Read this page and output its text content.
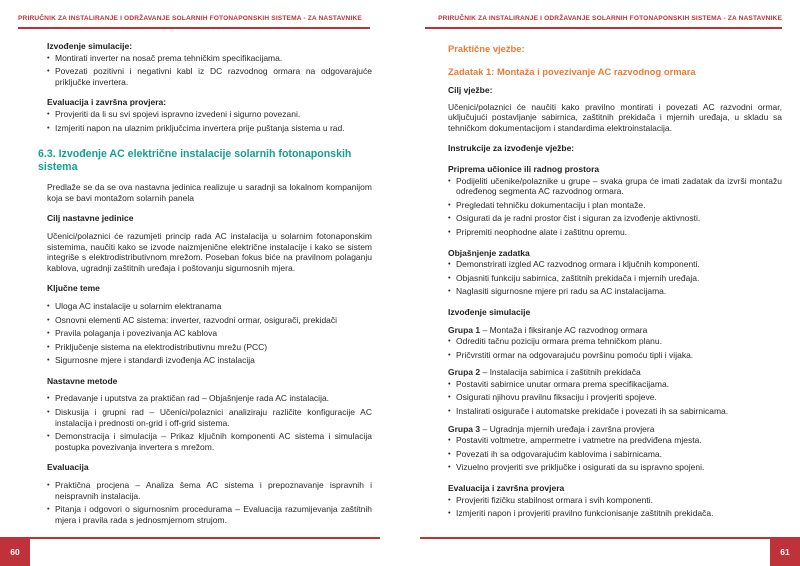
PRIRUČNIK ZA INSTALIRANJE I ODRŽAVANJE SOLARNIH FOTONAPONSKIH SISTEMA - ZA NASTAVNIKE	PRIRUČNIK ZA INSTALIRANJE I ODRŽAVANJE SOLARNIH FOTONAPONSKIH SISTEMA - ZA NASTAVNIKE
Izvođenje simulacije:
• Montirati inverter na nosač prema tehničkim specifikacijama.
• Povezati pozitivni i negativni kabl iz DC razvodnog ormara na odgovarajuće priključke invertera.
Evaluacija i završna provjera:
• Provjeriti da li su svi spojevi ispravno izvedeni i sigurno povezani.
• Izmjeriti napon na ulaznim priključcima invertera prije puštanja sistema u rad.
6.3. Izvođenje AC električne instalacije solarnih fotonaponskih sistema
Predlaže se da se ova nastavna jedinica realizuje u saradnji sa lokalnom kompanijom koja se bavi montažom solarnih panela
Cilj nastavne jedinice
Učenici/polaznici će razumjeti princip rada AC instalacija u solarnim fotonaponskim sistemima, naučiti kako se izvode naizmjenične električne instalacije i kako se sistem integriše s elektrodistributivnom mrežom. Poseban fokus biće na pravilnom polaganju kablova, ugradnji zaštitnih uređaja i poštovanju sigurnosnih mjera.
Ključne teme
• Uloga AC instalacije u solarnim elektranama
• Osnovni elementi AC sistema: inverter, razvodni ormar, osigurači, prekidači
• Pravila polaganja i povezivanja AC kablova
• Priključenje sistema na elektrodistributivnu mrežu (PCC)
• Sigurnosne mjere i standardi izvođenja AC instalacija
Nastavne metode
• Predavanje i uputstva za praktičan rad – Objašnjenje rada AC instalacija.
• Diskusija i grupni rad – Učenici/polaznici analiziraju različite konfiguracije AC instalacija i prednosti on-grid i off-grid sistema.
• Demonstracija i simulacija – Prikaz ključnih komponenti AC sistema i simulacija postupka povezivanja invertera s mrežom.
Evaluacija
• Praktična procjena – Analiza šema AC sistema i prepoznavanje ispravnih i neispravnih instalacija.
• Pitanja i odgovori o sigurnosnim procedurama – Evaluacija razumijevanja zaštitnih mjera i pravila rada s jednosmjernom strujom.
Praktične vježbe:
Zadatak 1: Montaža i povezivanje AC razvodnog ormara
Cilj vježbe:
Učenici/polaznici će naučiti kako pravilno montirati i povezati AC razvodni ormar, uključujući postavljanje sabirnica, zaštitnih prekidača i mjernih uređaja, u skladu sa tehničkom dokumentacijom i standardima elektroinstalacija.
Instrukcije za izvođenje vježbe:
Priprema učionice ili radnog prostora
• Podijeliti učenike/polaznike u grupe – svaka grupa će imati zadatak da izvrši montažu određenog segmenta AC razvodnog ormara.
• Pregledati tehničku dokumentaciju i plan montaže.
• Osigurati da je radni prostor čist i siguran za izvođenje aktivnosti.
• Pripremiti neophodne alate i zaštitnu opremu.
Objašnjenje zadatka
• Demonstrirati izgled AC razvodnog ormara i ključnih komponenti.
• Objasniti funkciju sabirnica, zaštitnih prekidača i mjernih uređaja.
• Naglasiti sigurnosne mjere pri radu sa AC instalacijama.
Izvođenje simulacije
Grupa 1 – Montaža i fiksiranje AC razvodnog ormara
• Odrediti tačnu poziciju ormara prema tehničkom planu.
• Pričvrstiti ormar na odgovarajuću površinu pomoću tipli i vijaka.
Grupa 2 – Instalacija sabirnica i zaštitnih prekidača
• Postaviti sabirnice unutar ormara prema specifikacijama.
• Osigurati njihovu pravilnu fiksaciju i provjeriti spojeve.
• Instalirati osigurače i automatske prekidače i povezati ih sa sabirnicama.
Grupa 3 – Ugradnja mjernih uređaja i završna provjera
• Postaviti voltmetre, ampermetre i vatmetre na predviđena mjesta.
• Povezati ih sa odgovarajućim kablovima i sabirnicama.
• Vizuelno provjeriti sve priključke i osigurati da su ispravno spojeni.
Evaluacija i završna provjera
• Provjeriti fizičku stabilnost ormara i svih komponenti.
• Izmjeriti napon i provjeriti pravilno funkcionisanje zaštitnih prekidača.
60	61
